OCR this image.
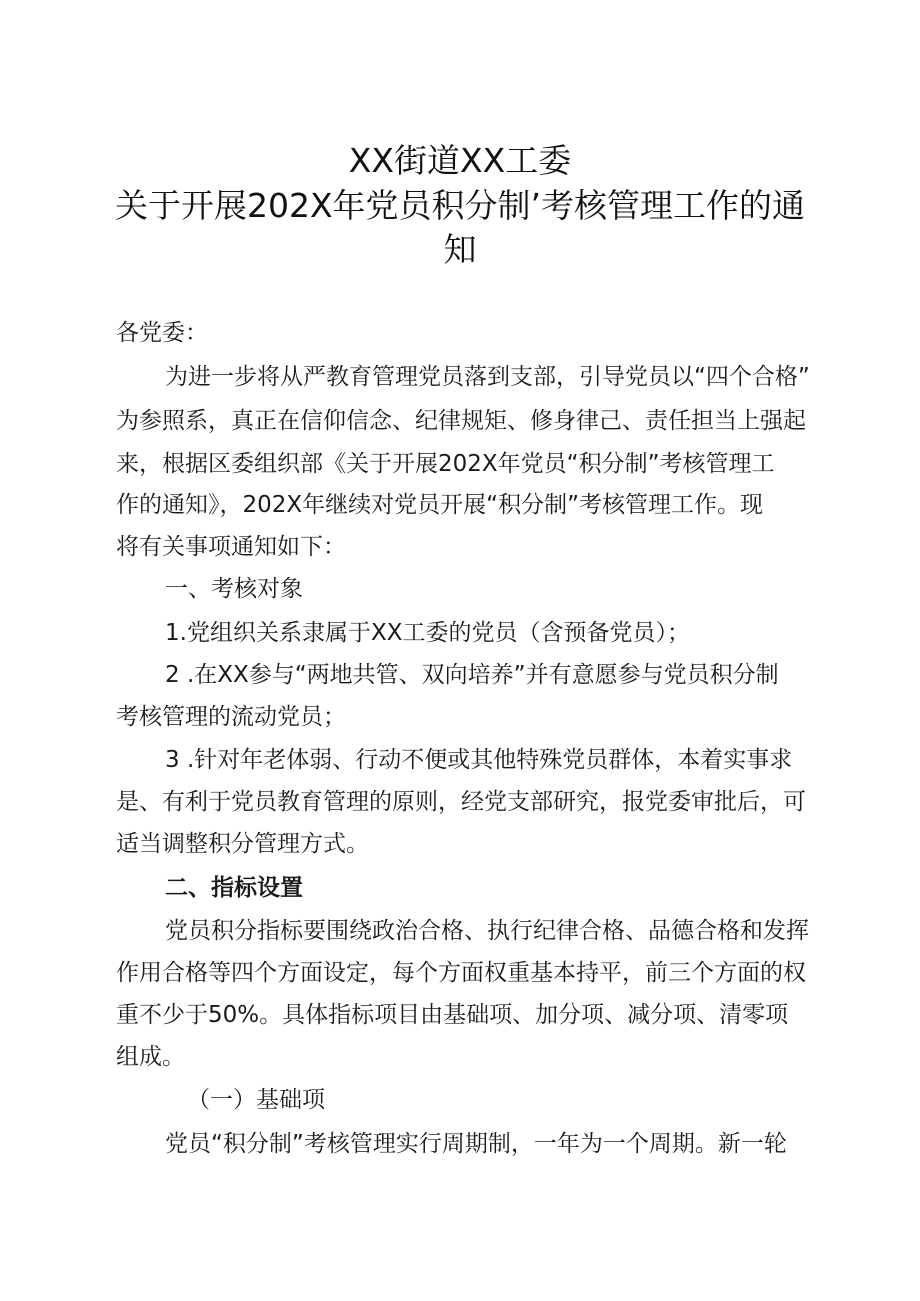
XX街道XX工委
关于开展202X年党员积分制’考核管理工作的通
知
各党委：
为进一步将从严教育管理党员落到支部，引导党员以“四个合格”
为参照系，真正在信仰信念、纪律规矩、修身律己、责任担当上强起
来，根据区委组织部《关于开展202X年党员“积分制”考核管理工
作的通知》，202X年继续对党员开展“积分制”考核管理工作。现
将有关事项通知如下：
一、考核对象
1.党组织关系隶属于XX工委的党员（含预备党员）；
2 .在XX参与“两地共管、双向培养”并有意愿参与党员积分制
考核管理的流动党员；
3 .针对年老体弱、行动不便或其他特殊党员群体，本着实事求
是、有利于党员教育管理的原则，经党支部研究，报党委审批后，可
适当调整积分管理方式。
二、指标设置
党员积分指标要围绕政治合格、执行纪律合格、品德合格和发挥
作用合格等四个方面设定，每个方面权重基本持平，前三个方面的权
重不少于50%。具体指标项目由基础项、加分项、减分项、清零项
组成。
（一）基础项
党员“积分制”考核管理实行周期制，一年为一个周期。新一轮
